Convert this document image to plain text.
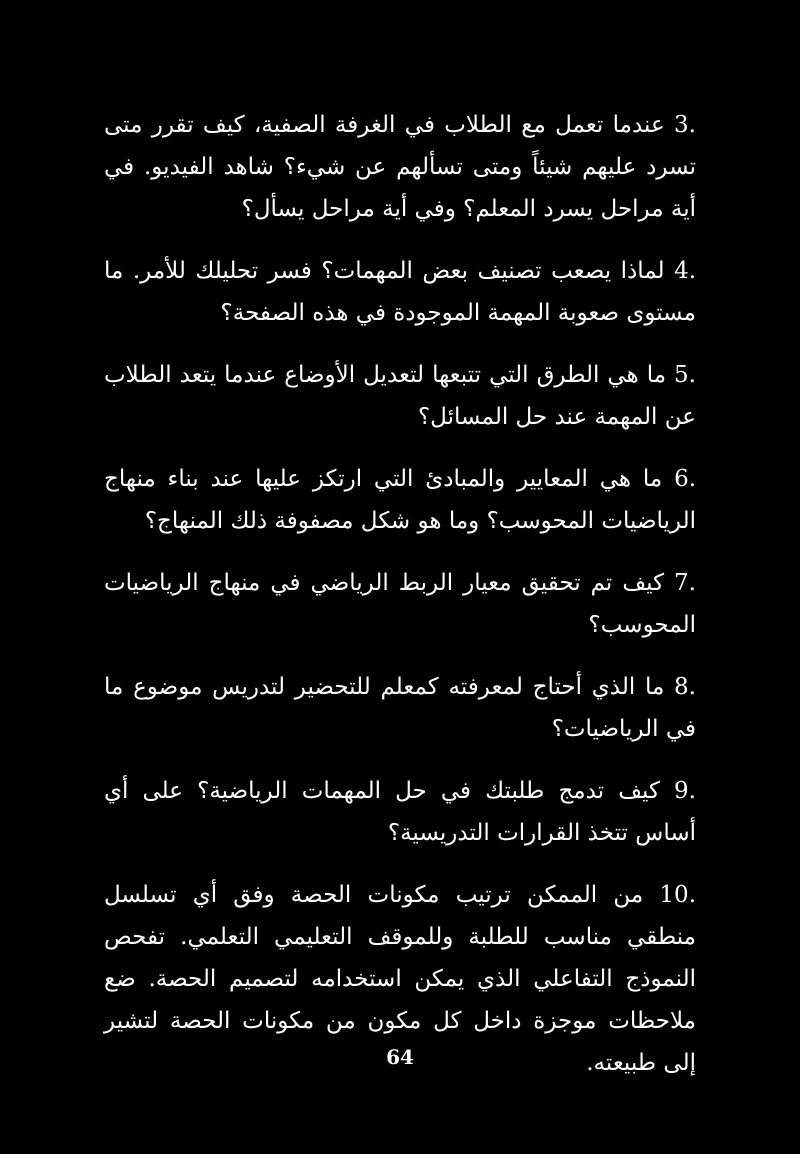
3. عندما تعمل مع الطلاب في الغرفة الصفية، كيف تقرر متى تسرد عليهم شيئاً ومتى تسألهم عن شيء؟ شاهد الفيديو. في أية مراحل يسرد المعلم؟ وفي أية مراحل يسأل؟

4. لماذا يصعب تصنيف بعض المهمات؟ فسر تحليلك للأمر. ما مستوى صعوبة المهمة الموجودة في هذه الصفحة؟

5. ما هي الطرق التي تتبعها لتعديل الأوضاع عندما يتعد الطلاب عن المهمة عند حل المسائل؟

6. ما هي المعايير والمبادئ التي ارتكز عليها عند بناء منهاج الرياضيات المحوسب؟ وما هو شكل مصفوفة ذلك المنهاج؟

7. كيف تم تحقيق معيار الربط الرياضي في منهاج الرياضيات المحوسب؟

8. ما الذي أحتاج لمعرفته كمعلم للتحضير لتدريس موضوع ما في الرياضيات؟

9. كيف تدمج طلبتك في حل المهمات الرياضية؟ على أي أساس تتخذ القرارات التدريسية؟

10. من الممكن ترتيب مكونات الحصة وفق أي تسلسل منطقي مناسب للطلبة وللموقف التعليمي التعلمي. تفحص النموذج التفاعلي الذي يمكن استخدامه لتصميم الحصة. ضع ملاحظات موجزة داخل كل مكون من مكونات الحصة لتشير إلى طبيعته.

64
